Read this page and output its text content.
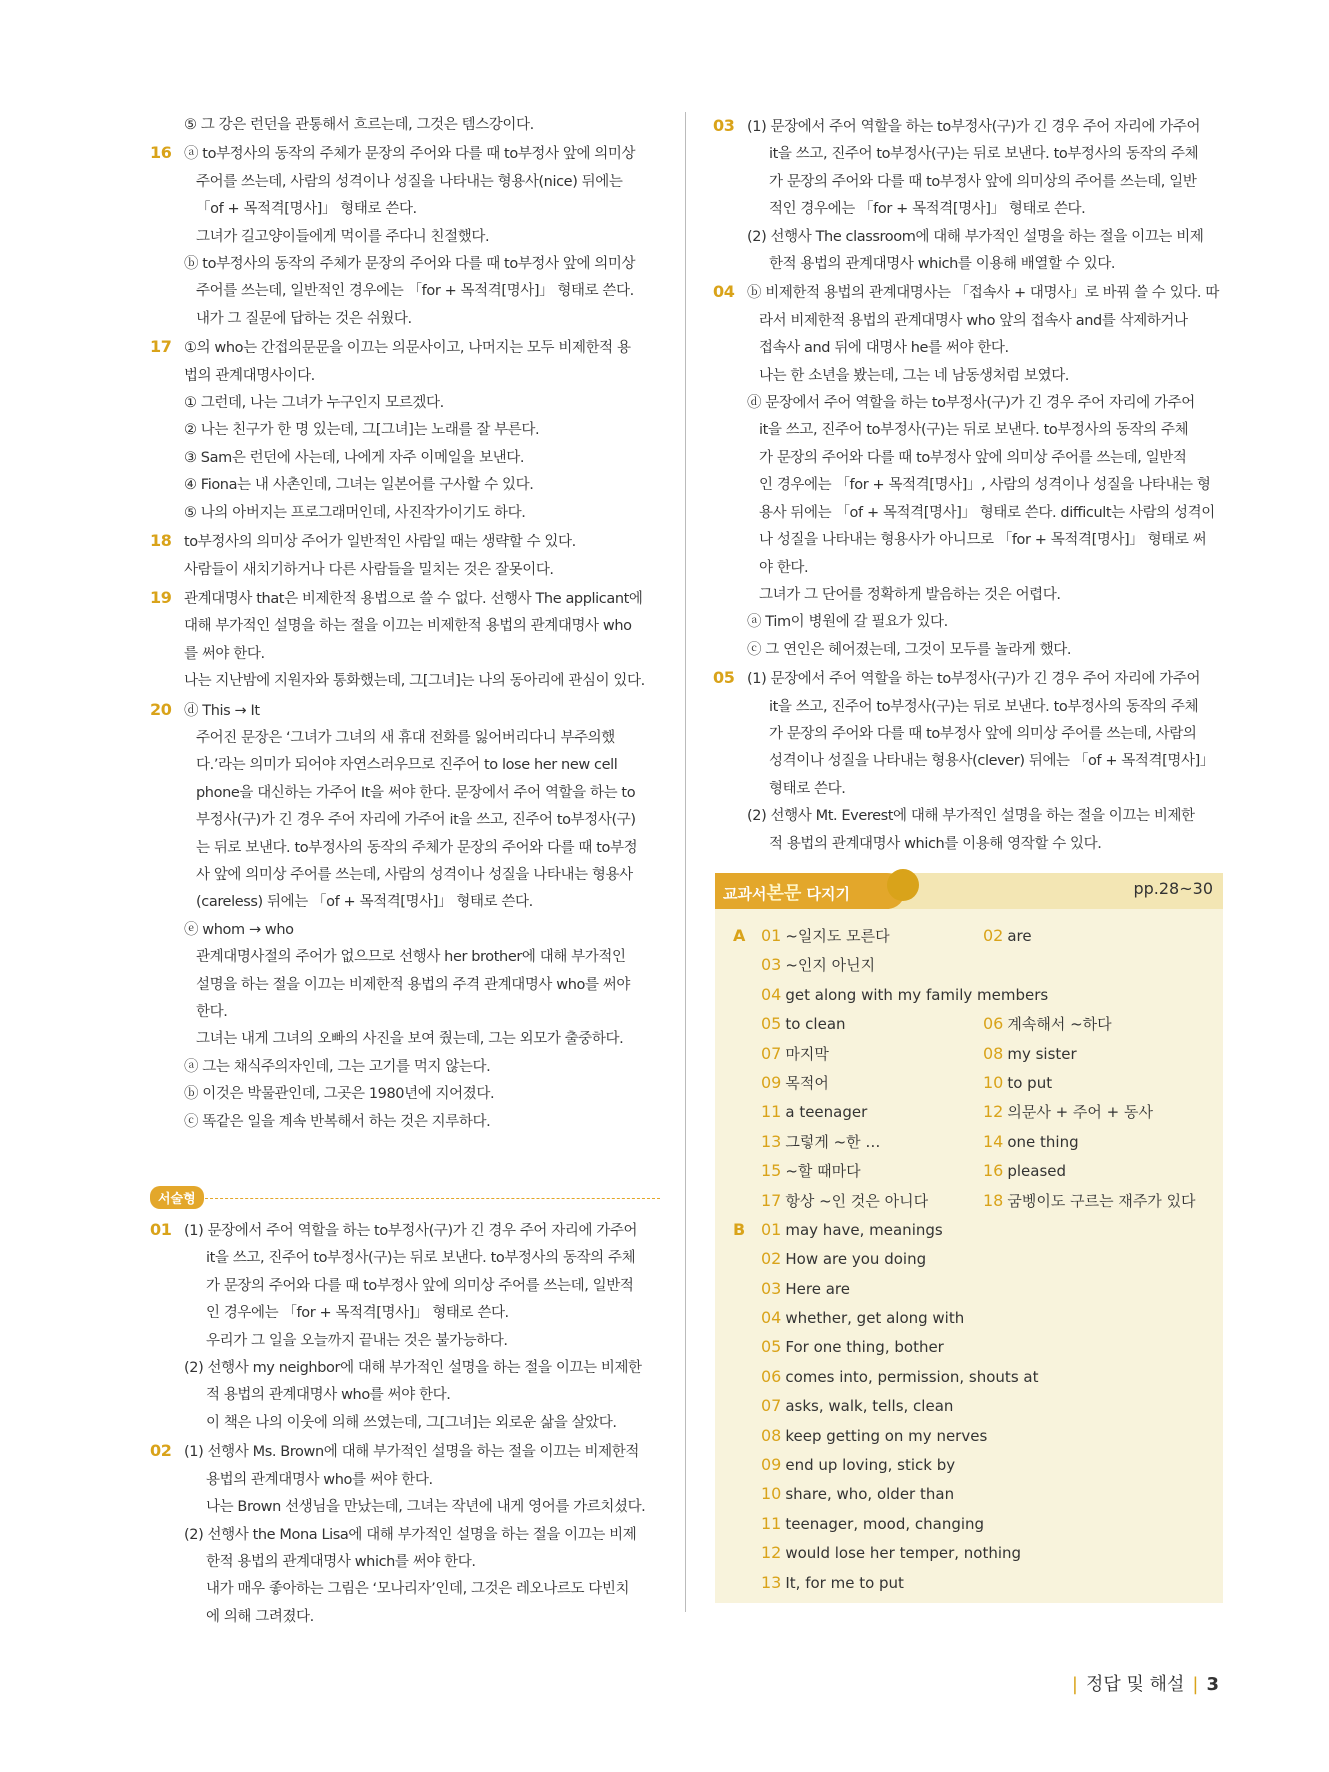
⑤ 그 강은 런던을 관통해서 흐르는데, 그것은 템스강이다.
16 ⓐ to부정사의 동작의 주체가 문장의 주어와 다를 때 to부정사 앞에 의미상
주어를 쓰는데, 사람의 성격이나 성질을 나타내는 형용사(nice) 뒤에는
「of + 목적격[명사]」 형태로 쓴다.
그녀가 길고양이들에게 먹이를 주다니 친절했다.
ⓑ to부정사의 동작의 주체가 문장의 주어와 다를 때 to부정사 앞에 의미상
주어를 쓰는데, 일반적인 경우에는 「for + 목적격[명사]」 형태로 쓴다.
내가 그 질문에 답하는 것은 쉬웠다.
17 ①의 who는 간접의문문을 이끄는 의문사이고, 나머지는 모두 비제한적 용
법의 관계대명사이다.
① 그런데, 나는 그녀가 누구인지 모르겠다.
② 나는 친구가 한 명 있는데, 그[그녀]는 노래를 잘 부른다.
③ Sam은 런던에 사는데, 나에게 자주 이메일을 보낸다.
④ Fiona는 내 사촌인데, 그녀는 일본어를 구사할 수 있다.
⑤ 나의 아버지는 프로그래머인데, 사진작가이기도 하다.
18 to부정사의 의미상 주어가 일반적인 사람일 때는 생략할 수 있다.
사람들이 새치기하거나 다른 사람들을 밀치는 것은 잘못이다.
19 관계대명사 that은 비제한적 용법으로 쓸 수 없다. 선행사 The applicant에
대해 부가적인 설명을 하는 절을 이끄는 비제한적 용법의 관계대명사 who
를 써야 한다.
나는 지난밤에 지원자와 통화했는데, 그[그녀]는 나의 동아리에 관심이 있다.
20 ⓓ This → It
주어진 문장은 ‘그녀가 그녀의 새 휴대 전화를 잃어버리다니 부주의했
다.’라는 의미가 되어야 자연스러우므로 진주어 to lose her new cell
phone을 대신하는 가주어 It을 써야 한다. 문장에서 주어 역할을 하는 to
부정사(구)가 긴 경우 주어 자리에 가주어 it을 쓰고, 진주어 to부정사(구)
는 뒤로 보낸다. to부정사의 동작의 주체가 문장의 주어와 다를 때 to부정
사 앞에 의미상 주어를 쓰는데, 사람의 성격이나 성질을 나타내는 형용사
(careless) 뒤에는 「of + 목적격[명사]」 형태로 쓴다.
ⓔ whom → who
관계대명사절의 주어가 없으므로 선행사 her brother에 대해 부가적인
설명을 하는 절을 이끄는 비제한적 용법의 주격 관계대명사 who를 써야
한다.
그녀는 내게 그녀의 오빠의 사진을 보여 줬는데, 그는 외모가 출중하다.
ⓐ 그는 채식주의자인데, 그는 고기를 먹지 않는다.
ⓑ 이것은 박물관인데, 그곳은 1980년에 지어졌다.
ⓒ 똑같은 일을 계속 반복해서 하는 것은 지루하다.
서술형
01 (1) 문장에서 주어 역할을 하는 to부정사(구)가 긴 경우 주어 자리에 가주어
it을 쓰고, 진주어 to부정사(구)는 뒤로 보낸다. to부정사의 동작의 주체
가 문장의 주어와 다를 때 to부정사 앞에 의미상 주어를 쓰는데, 일반적
인 경우에는 「for + 목적격[명사]」 형태로 쓴다.
우리가 그 일을 오늘까지 끝내는 것은 불가능하다.
(2) 선행사 my neighbor에 대해 부가적인 설명을 하는 절을 이끄는 비제한
적 용법의 관계대명사 who를 써야 한다.
이 책은 나의 이웃에 의해 쓰였는데, 그[그녀]는 외로운 삶을 살았다.
02 (1) 선행사 Ms. Brown에 대해 부가적인 설명을 하는 절을 이끄는 비제한적
용법의 관계대명사 who를 써야 한다.
나는 Brown 선생님을 만났는데, 그녀는 작년에 내게 영어를 가르치셨다.
(2) 선행사 the Mona Lisa에 대해 부가적인 설명을 하는 절을 이끄는 비제
한적 용법의 관계대명사 which를 써야 한다.
내가 매우 좋아하는 그림은 ‘모나리자’인데, 그것은 레오나르도 다빈치
에 의해 그려졌다.
03 (1) 문장에서 주어 역할을 하는 to부정사(구)가 긴 경우 주어 자리에 가주어
it을 쓰고, 진주어 to부정사(구)는 뒤로 보낸다. to부정사의 동작의 주체
가 문장의 주어와 다를 때 to부정사 앞에 의미상의 주어를 쓰는데, 일반
적인 경우에는 「for + 목적격[명사]」 형태로 쓴다.
(2) 선행사 The classroom에 대해 부가적인 설명을 하는 절을 이끄는 비제
한적 용법의 관계대명사 which를 이용해 배열할 수 있다.
04 ⓑ 비제한적 용법의 관계대명사는 「접속사 + 대명사」로 바꿔 쓸 수 있다. 따
라서 비제한적 용법의 관계대명사 who 앞의 접속사 and를 삭제하거나
접속사 and 뒤에 대명사 he를 써야 한다.
나는 한 소년을 봤는데, 그는 네 남동생처럼 보였다.
ⓓ 문장에서 주어 역할을 하는 to부정사(구)가 긴 경우 주어 자리에 가주어
it을 쓰고, 진주어 to부정사(구)는 뒤로 보낸다. to부정사의 동작의 주체
가 문장의 주어와 다를 때 to부정사 앞에 의미상 주어를 쓰는데, 일반적
인 경우에는 「for + 목적격[명사]」, 사람의 성격이나 성질을 나타내는 형
용사 뒤에는 「of + 목적격[명사]」 형태로 쓴다. difficult는 사람의 성격이
나 성질을 나타내는 형용사가 아니므로 「for + 목적격[명사]」 형태로 써
야 한다.
그녀가 그 단어를 정확하게 발음하는 것은 어렵다.
ⓐ Tim이 병원에 갈 필요가 있다.
ⓒ 그 연인은 헤어졌는데, 그것이 모두를 놀라게 했다.
05 (1) 문장에서 주어 역할을 하는 to부정사(구)가 긴 경우 주어 자리에 가주어
it을 쓰고, 진주어 to부정사(구)는 뒤로 보낸다. to부정사의 동작의 주체
가 문장의 주어와 다를 때 to부정사 앞에 의미상 주어를 쓰는데, 사람의
성격이나 성질을 나타내는 형용사(clever) 뒤에는 「of + 목적격[명사]」
형태로 쓴다.
(2) 선행사 Mt. Everest에 대해 부가적인 설명을 하는 절을 이끄는 비제한
적 용법의 관계대명사 which를 이용해 영작할 수 있다.
교과서본문 다지기	pp.28~30
A 01 ~일지도 모른다	02 are
03 ~인지 아닌지
04 get along with my family members
05 to clean	06 계속해서 ~하다
07 마지막	08 my sister
09 목적어	10 to put
11 a teenager	12 의문사 + 주어 + 동사
13 그렇게 ~한 …	14 one thing
15 ~할 때마다	16 pleased
17 항상 ~인 것은 아니다	18 굼벵이도 구르는 재주가 있다
B 01 may have, meanings
02 How are you doing
03 Here are
04 whether, get along with
05 For one thing, bother
06 comes into, permission, shouts at
07 asks, walk, tells, clean
08 keep getting on my nerves
09 end up loving, stick by
10 share, who, older than
11 teenager, mood, changing
12 would lose her temper, nothing
13 It, for me to put
| 정답 및 해설 | 3
